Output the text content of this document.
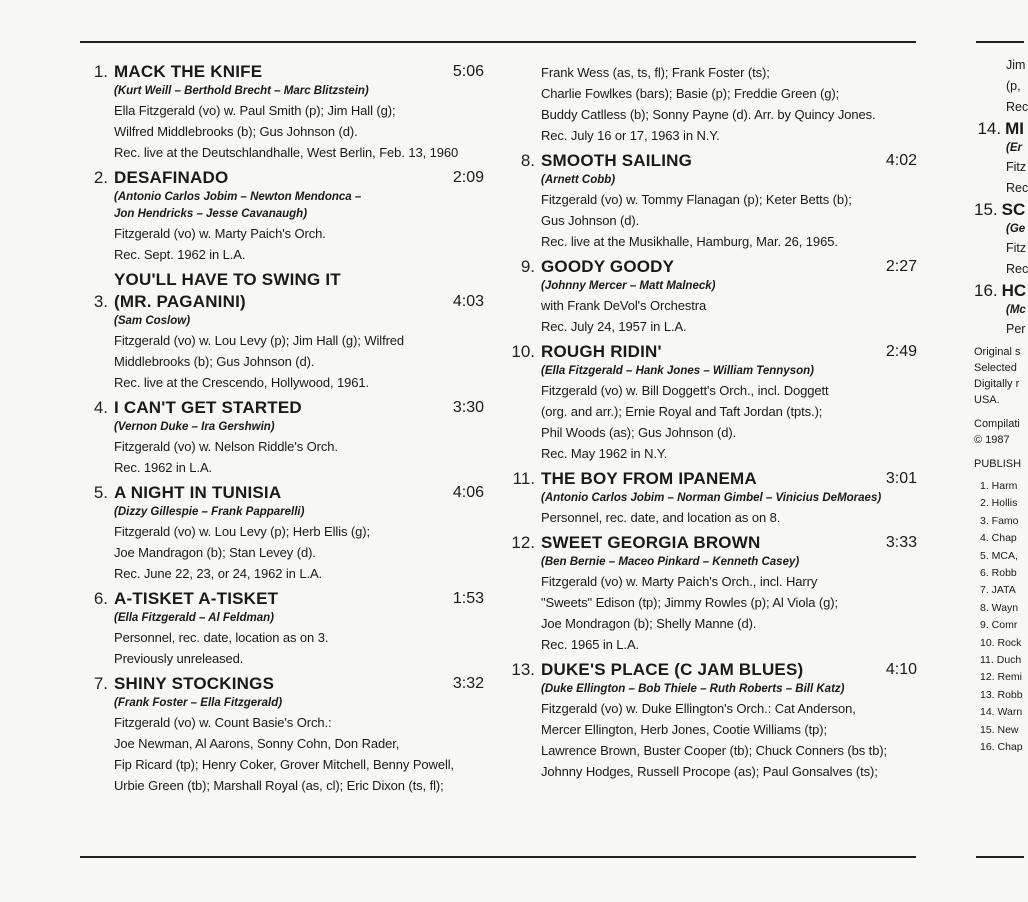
1. MACK THE KNIFE	5:06
(Kurt Weill – Berthold Brecht – Marc Blitzstein)
Ella Fitzgerald (vo) w. Paul Smith (p); Jim Hall (g);
Wilfred Middlebrooks (b); Gus Johnson (d).
Rec. live at the Deutschlandhalle, West Berlin, Feb. 13, 1960
2. DESAFINADO	2:09
(Antonio Carlos Jobim – Newton Mendonca –
Jon Hendricks – Jesse Cavanaugh)
Fitzgerald (vo) w. Marty Paich's Orch.
Rec. Sept. 1962 in L.A.
3.
YOU'LL HAVE TO SWING IT
(MR. PAGANINI)	4:03
(Sam Coslow)
Fitzgerald (vo) w. Lou Levy (p); Jim Hall (g); Wilfred
Middlebrooks (b); Gus Johnson (d).
Rec. live at the Crescendo, Hollywood, 1961.
4. I CAN'T GET STARTED	3:30
(Vernon Duke – Ira Gershwin)
Fitzgerald (vo) w. Nelson Riddle's Orch.
Rec. 1962 in L.A.
5. A NIGHT IN TUNISIA	4:06
(Dizzy Gillespie – Frank Papparelli)
Fitzgerald (vo) w. Lou Levy (p); Herb Ellis (g);
Joe Mandragon (b); Stan Levey (d).
Rec. June 22, 23, or 24, 1962 in L.A.
6. A-TISKET A-TISKET	1:53
(Ella Fitzgerald – Al Feldman)
Personnel, rec. date, location as on 3.
Previously unreleased.
7. SHINY STOCKINGS	3:32
(Frank Foster – Ella Fitzgerald)
Fitzgerald (vo) w. Count Basie's Orch.:
Joe Newman, Al Aarons, Sonny Cohn, Don Rader,
Fip Ricard (tp); Henry Coker, Grover Mitchell, Benny Powell,
Urbie Green (tb); Marshall Royal (as, cl); Eric Dixon (ts, fl);
Frank Wess (as, ts, fl); Frank Foster (ts);
Charlie Fowlkes (bars); Basie (p); Freddie Green (g);
Buddy Catlless (b); Sonny Payne (d). Arr. by Quincy Jones.
Rec. July 16 or 17, 1963 in N.Y.
8. SMOOTH SAILING	4:02
(Arnett Cobb)
Fitzgerald (vo) w. Tommy Flanagan (p); Keter Betts (b);
Gus Johnson (d).
Rec. live at the Musikhalle, Hamburg, Mar. 26, 1965.
9. GOODY GOODY	2:27
(Johnny Mercer – Matt Malneck)
with Frank DeVol's Orchestra
Rec. July 24, 1957 in L.A.
10. ROUGH RIDIN'	2:49
(Ella Fitzgerald – Hank Jones – William Tennyson)
Fitzgerald (vo) w. Bill Doggett's Orch., incl. Doggett
(org. and arr.); Ernie Royal and Taft Jordan (tpts.);
Phil Woods (as); Gus Johnson (d).
Rec. May 1962 in N.Y.
11. THE BOY FROM IPANEMA	3:01
(Antonio Carlos Jobim – Norman Gimbel – Vinicius DeMoraes)
Personnel, rec. date, and location as on 8.
12. SWEET GEORGIA BROWN	3:33
(Ben Bernie – Maceo Pinkard – Kenneth Casey)
Fitzgerald (vo) w. Marty Paich's Orch., incl. Harry
"Sweets" Edison (tp); Jimmy Rowles (p); Al Viola (g);
Joe Mondragon (b); Shelly Manne (d).
Rec. 1965 in L.A.
13. DUKE'S PLACE (C JAM BLUES)	4:10
(Duke Ellington – Bob Thiele – Ruth Roberts – Bill Katz)
Fitzgerald (vo) w. Duke Ellington's Orch.: Cat Anderson,
Mercer Ellington, Herb Jones, Cootie Williams (tp);
Lawrence Brown, Buster Cooper (tb); Chuck Conners (bs tb);
Johnny Hodges, Russell Procope (as); Paul Gonsalves (ts);
Jim
(p,
Rec
14. MI
(Er
Fitz
Rec
15. SC
(Ge
Fitz
Rec
16. HC
(Mc
Per
Original s
Selected
Digitally r
USA.
Compilati
© 1987
PUBLISH
1. Harm
2. Hollis
3. Famo
4. Chap
5. MCA,
6. Robb
7. JATA
8. Wayn
9. Comr
10. Rock
11. Duch
12. Remi
13. Robb
14. Warn
15. New
16. Chap
